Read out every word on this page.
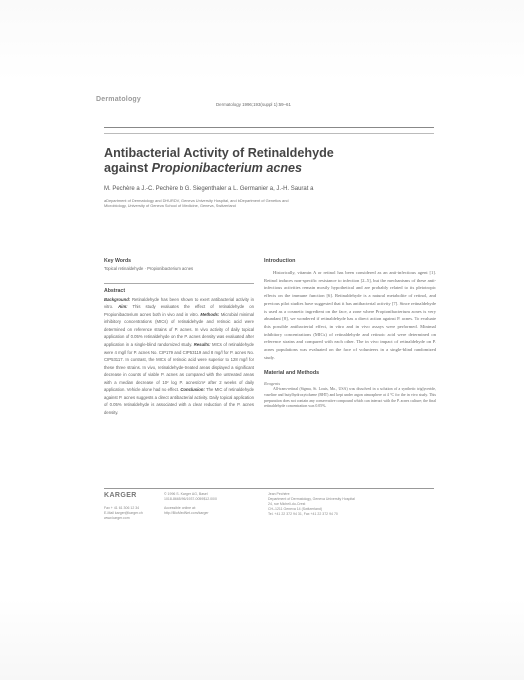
Dermatology
Dermatology 1996;193(suppl 1):59–61
Antibacterial Activity of Retinaldehyde
against Propionibacterium acnes
M. Pechère a J.-C. Pechère b G. Siegenthaler a L. Germanier a, J.-H. Saurat a
aDepartment of Dermatology and DHURDV, Geneva University Hospital, and bDepartment of Genetics and
Microbiology, University of Geneva School of Medicine, Geneva, Switzerland
Key Words
Topical retinaldehyde · Propionibacterium acnes
Abstract
Background: Retinaldehyde has been shown to exert antibacterial activity in vitro. Aim: This study evaluates the effect of retinaldehyde on Propionibacterium acnes both in vivo and in vitro. Methods: Microbial minimal inhibitory concentrations (MICs) of retinaldehyde and retinoic acid were determined on reference strains of P. acnes. In vivo activity of daily topical application of 0.05% retinaldehyde on the P. acnes density was evaluated after application in a single-blind randomized study. Results: MICs of retinaldehyde were 4 mg/l for P. acnes No. CIP179 and CIP53119 and 8 mg/l for P. acnes No. CIP53117. In contrast, the MICs of retinoic acid were superior to 128 mg/l for these three strains. In vivo, retinaldehyde-treated areas displayed a significant decrease in counts of viable P. acnes as compared with the untreated areas with a median decrease of 10² log P. acnes/cm² after 2 weeks of daily application. Vehicle alone had no effect. Conclusion: The MIC of retinaldehyde against P. acnes suggests a direct antibacterial activity. Daily topical application of 0.05% retinaldehyde is associated with a clear reduction of the P. acnes density.
Introduction
Historically, vitamin A or retinol has been considered as an anti-infectious agent [1]. Retinol induces non-specific resistance to infection [2–5], but the mechanisms of these anti-infectious activities remain mostly hypothetical and are probably related to its pleiotropic effects on the immune function [6]. Retinaldehyde is a natural metabolite of retinol, and previous pilot studies have suggested that it has antibacterial activity [7]. Since retinaldehyde is used as a cosmetic ingredient on the face, a zone where Propionibacterium acnes is very abundant [8], we wondered if retinaldehyde has a direct action against P. acnes. To evaluate this possible antibacterial effect, in vitro and in vivo assays were performed. Minimal inhibitory concentrations (MICs) of retinaldehyde and retinoic acid were determined on reference strains and compared with each other. The in vivo impact of retinaldehyde on P. acnes populations was evaluated on the face of volunteers in a single-blind randomized study.
Material and Methods
Reagents
All-trans-retinal (Sigma, St. Louis, Mo., USA) was dissolved in a solution of a synthetic triglyceride, vaseline and butylhydroxytoluene (BHT) and kept under argon atmosphere at 4 °C for the in vivo study. This preparation does not contain any conservative compound which can interact with the P. acnes culture; the final retinaldehyde concentration was 0.05%.
KARGER
Fax + 41 61 306 12 34
E-Mail karger@karger.ch
www.karger.com
© 1996 S. Karger AG, Basel
1018-8665/96/1937-0059$12.00/0
Accessible online at:
http://BioMedNet.com/karger
Jean Pechère
Department of Dermatology, Geneva University Hospital
24, rue Micheli-du-Crest
CH–1211 Geneva 14 (Switzerland)
Tel. +41 22 372 94 31, Fax +41 22 372 94 70
